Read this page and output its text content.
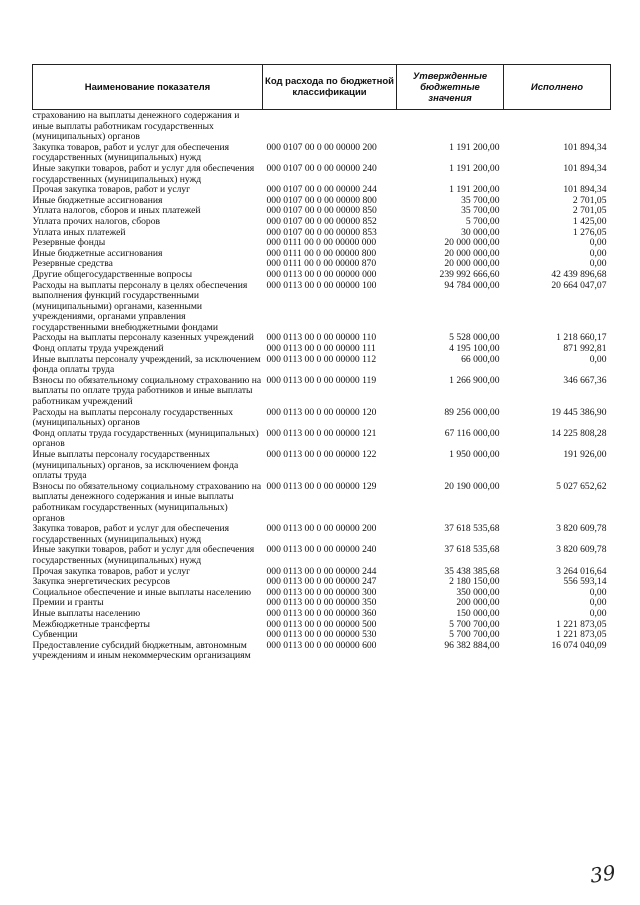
Наименование показателя	Код расхода по бюджетной классификации	Утвержденные бюджетные значения	Исполнено
страхованию на выплаты денежного содержания и иные выплаты работникам государственных (муниципальных) органов			
Закупка товаров, работ и услуг для обеспечения государственных (муниципальных) нужд	000 0107 00 0 00 00000 200	1 191 200,00	101 894,34
Иные закупки товаров, работ и услуг для обеспечения государственных (муниципальных) нужд	000 0107 00 0 00 00000 240	1 191 200,00	101 894,34
Прочая закупка товаров, работ и услуг	000 0107 00 0 00 00000 244	1 191 200,00	101 894,34
Иные бюджетные ассигнования	000 0107 00 0 00 00000 800	35 700,00	2 701,05
Уплата налогов, сборов и иных платежей	000 0107 00 0 00 00000 850	35 700,00	2 701,05
Уплата прочих налогов, сборов	000 0107 00 0 00 00000 852	5 700,00	1 425,00
Уплата иных платежей	000 0107 00 0 00 00000 853	30 000,00	1 276,05
Резервные фонды	000 0111 00 0 00 00000 000	20 000 000,00	0,00
Иные бюджетные ассигнования	000 0111 00 0 00 00000 800	20 000 000,00	0,00
Резервные средства	000 0111 00 0 00 00000 870	20 000 000,00	0,00
Другие общегосударственные вопросы	000 0113 00 0 00 00000 000	239 992 666,60	42 439 896,68
Расходы на выплаты персоналу в целях обеспечения выполнения функций государственными (муниципальными) органами, казенными учреждениями, органами управления государственными внебюджетными фондами	000 0113 00 0 00 00000 100	94 784 000,00	20 664 047,07
Расходы на выплаты персоналу казенных учреждений	000 0113 00 0 00 00000 110	5 528 000,00	1 218 660,17
Фонд оплаты труда учреждений	000 0113 00 0 00 00000 111	4 195 100,00	871 992,81
Иные выплаты персоналу учреждений, за исключением фонда оплаты труда	000 0113 00 0 00 00000 112	66 000,00	0,00
Взносы по обязательному социальному страхованию на выплаты по оплате труда работников и иные выплаты работникам учреждений	000 0113 00 0 00 00000 119	1 266 900,00	346 667,36
Расходы на выплаты персоналу государственных (муниципальных) органов	000 0113 00 0 00 00000 120	89 256 000,00	19 445 386,90
Фонд оплаты труда государственных (муниципальных) органов	000 0113 00 0 00 00000 121	67 116 000,00	14 225 808,28
Иные выплаты персоналу государственных (муниципальных) органов, за исключением фонда оплаты труда	000 0113 00 0 00 00000 122	1 950 000,00	191 926,00
Взносы по обязательному социальному страхованию на выплаты денежного содержания и иные выплаты работникам государственных (муниципальных) органов	000 0113 00 0 00 00000 129	20 190 000,00	5 027 652,62
Закупка товаров, работ и услуг для обеспечения государственных (муниципальных) нужд	000 0113 00 0 00 00000 200	37 618 535,68	3 820 609,78
Иные закупки товаров, работ и услуг для обеспечения государственных (муниципальных) нужд	000 0113 00 0 00 00000 240	37 618 535,68	3 820 609,78
Прочая закупка товаров, работ и услуг	000 0113 00 0 00 00000 244	35 438 385,68	3 264 016,64
Закупка энергетических ресурсов	000 0113 00 0 00 00000 247	2 180 150,00	556 593,14
Социальное обеспечение и иные выплаты населению	000 0113 00 0 00 00000 300	350 000,00	0,00
Премии и гранты	000 0113 00 0 00 00000 350	200 000,00	0,00
Иные выплаты населению	000 0113 00 0 00 00000 360	150 000,00	0,00
Межбюджетные трансферты	000 0113 00 0 00 00000 500	5 700 700,00	1 221 873,05
Субвенции	000 0113 00 0 00 00000 530	5 700 700,00	1 221 873,05
Предоставление субсидий бюджетным, автономным учреждениям и иным некоммерческим организациям	000 0113 00 0 00 00000 600	96 382 884,00	16 074 040,09
39
